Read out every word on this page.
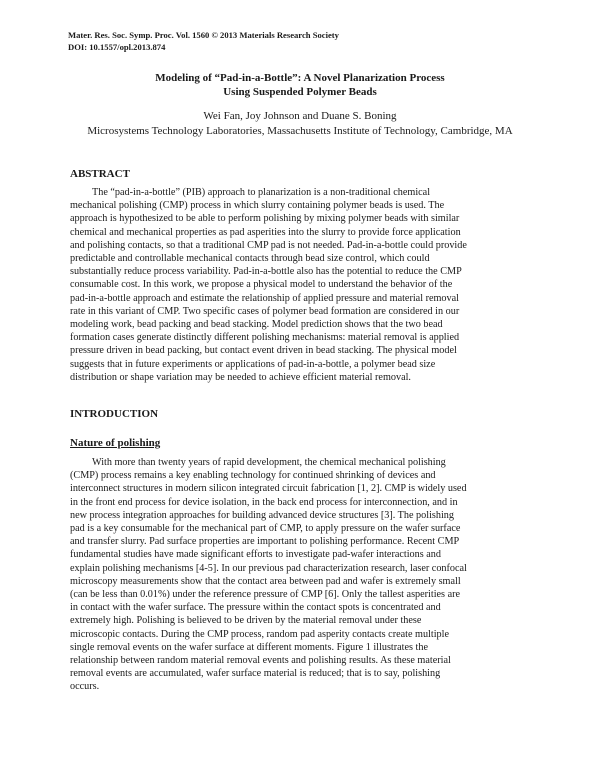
Mater. Res. Soc. Symp. Proc. Vol. 1560 © 2013 Materials Research Society
DOI: 10.1557/opl.2013.874
Modeling of “Pad-in-a-Bottle”: A Novel Planarization Process
Using Suspended Polymer Beads
Wei Fan, Joy Johnson and Duane S. Boning
Microsystems Technology Laboratories, Massachusetts Institute of Technology, Cambridge, MA
ABSTRACT
The “pad-in-a-bottle” (PIB) approach to planarization is a non-traditional chemical
mechanical polishing (CMP) process in which slurry containing polymer beads is used. The
approach is hypothesized to be able to perform polishing by mixing polymer beads with similar
chemical and mechanical properties as pad asperities into the slurry to provide force application
and polishing contacts, so that a traditional CMP pad is not needed. Pad-in-a-bottle could provide
predictable and controllable mechanical contacts through bead size control, which could
substantially reduce process variability. Pad-in-a-bottle also has the potential to reduce the CMP
consumable cost. In this work, we propose a physical model to understand the behavior of the
pad-in-a-bottle approach and estimate the relationship of applied pressure and material removal
rate in this variant of CMP. Two specific cases of polymer bead formation are considered in our
modeling work, bead packing and bead stacking. Model prediction shows that the two bead
formation cases generate distinctly different polishing mechanisms: material removal is applied
pressure driven in bead packing, but contact event driven in bead stacking. The physical model
suggests that in future experiments or applications of pad-in-a-bottle, a polymer bead size
distribution or shape variation may be needed to achieve efficient material removal.
INTRODUCTION
Nature of polishing
With more than twenty years of rapid development, the chemical mechanical polishing
(CMP) process remains a key enabling technology for continued shrinking of devices and
interconnect structures in modern silicon integrated circuit fabrication [1, 2]. CMP is widely used
in the front end process for device isolation, in the back end process for interconnection, and in
new process integration approaches for building advanced device structures [3]. The polishing
pad is a key consumable for the mechanical part of CMP, to apply pressure on the wafer surface
and transfer slurry. Pad surface properties are important to polishing performance. Recent CMP
fundamental studies have made significant efforts to investigate pad-wafer interactions and
explain polishing mechanisms [4-5]. In our previous pad characterization research, laser confocal
microscopy measurements show that the contact area between pad and wafer is extremely small
(can be less than 0.01%) under the reference pressure of CMP [6]. Only the tallest asperities are
in contact with the wafer surface. The pressure within the contact spots is concentrated and
extremely high. Polishing is believed to be driven by the material removal under these
microscopic contacts. During the CMP process, random pad asperity contacts create multiple
single removal events on the wafer surface at different moments. Figure 1 illustrates the
relationship between random material removal events and polishing results. As these material
removal events are accumulated, wafer surface material is reduced; that is to say, polishing
occurs.
